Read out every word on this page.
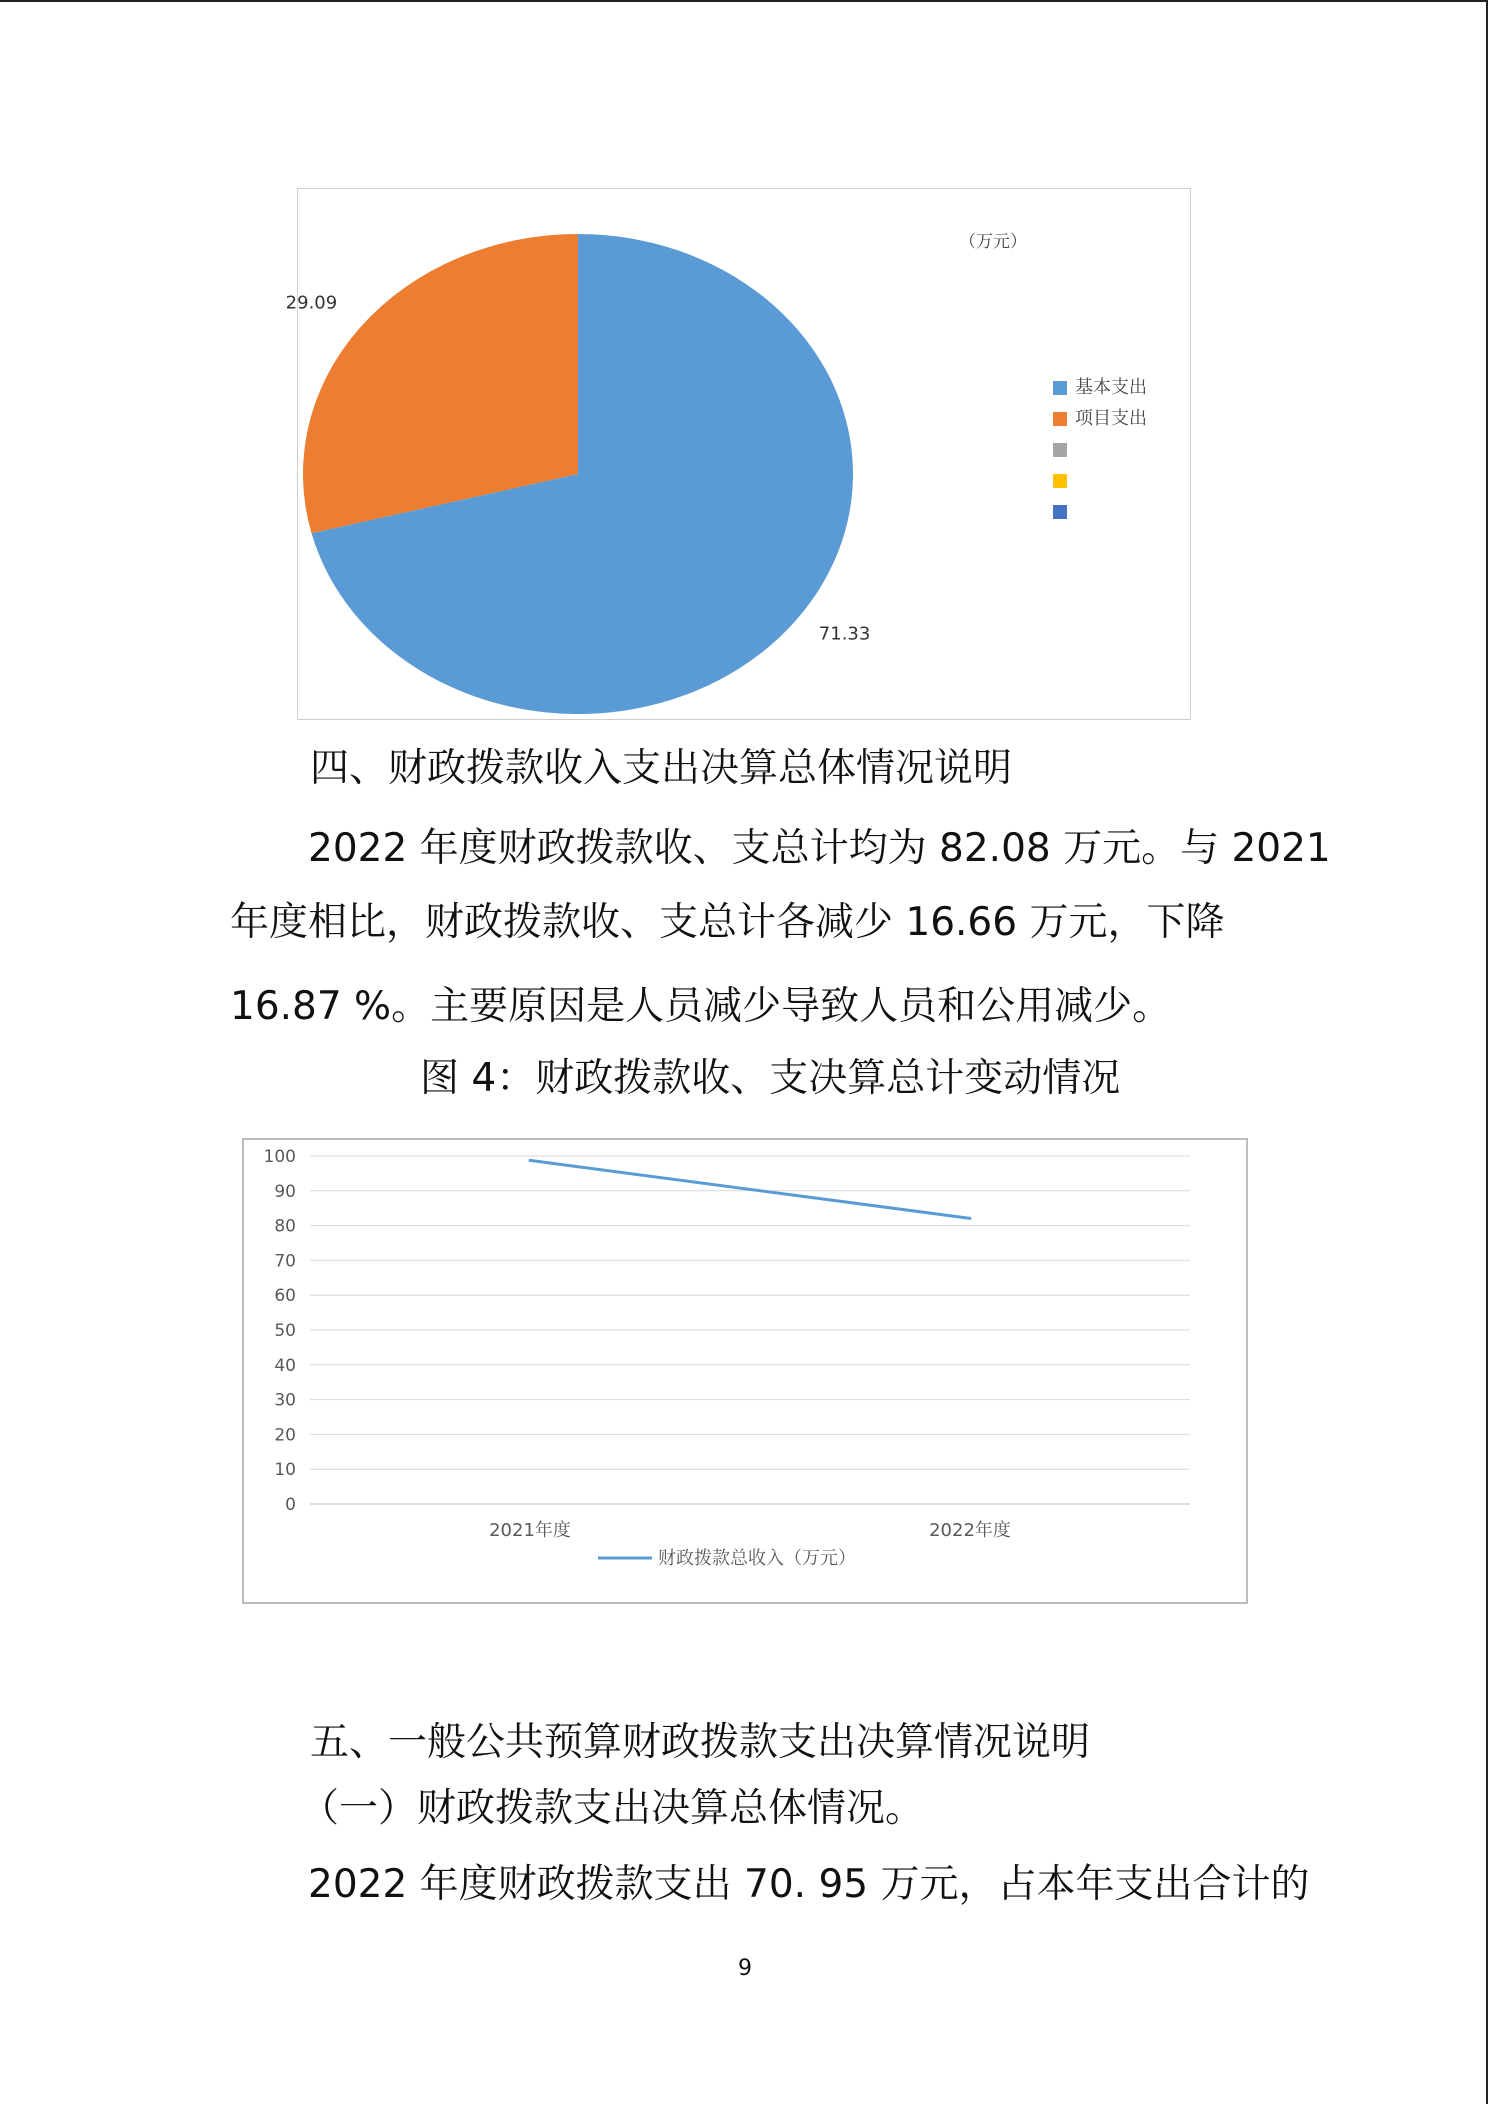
（万元）
71.33
29.09
基本支出
项目支出
四、财政拨款收入支出决算总体情况说明
2022 年度财政拨款收、支总计均为 82.08 万元。与 2021
年度相比，财政拨款收、支总计各减少 16.66 万元，下降
16.87 %。主要原因是人员减少导致人员和公用减少。
图 4：财政拨款收、支决算总计变动情况
0
10
20
30
40
50
60
70
80
90
100
2021年度	2022年度
财政拨款总收入（万元）
五、一般公共预算财政拨款支出决算情况说明
（一）财政拨款支出决算总体情况。
2022 年度财政拨款支出 70. 95 万元，占本年支出合计的
9
